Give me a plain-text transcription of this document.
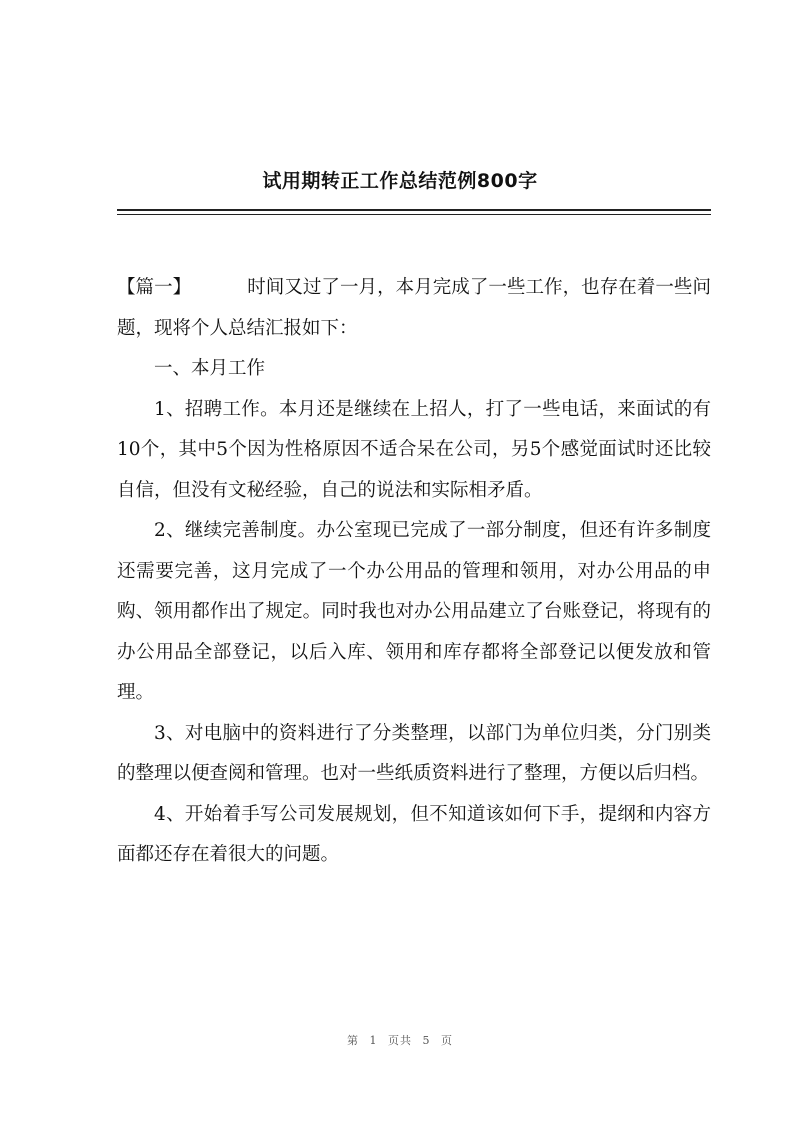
试用期转正工作总结范例800字

【篇一】	时间又过了一月，本月完成了一些工作，也存在着一些问题，现将个人总结汇报如下：

一、本月工作

1、招聘工作。本月还是继续在上招人，打了一些电话，来面试的有10个，其中5个因为性格原因不适合呆在公司，另5个感觉面试时还比较自信，但没有文秘经验，自己的说法和实际相矛盾。

2、继续完善制度。办公室现已完成了一部分制度，但还有许多制度还需要完善，这月完成了一个办公用品的管理和领用，对办公用品的申购、领用都作出了规定。同时我也对办公用品建立了台账登记，将现有的办公用品全部登记，以后入库、领用和库存都将全部登记以便发放和管理。

3、对电脑中的资料进行了分类整理，以部门为单位归类，分门别类的整理以便查阅和管理。也对一些纸质资料进行了整理，方便以后归档。

4、开始着手写公司发展规划，但不知道该如何下手，提纲和内容方面都还存在着很大的问题。

第 1 页共 5 页
